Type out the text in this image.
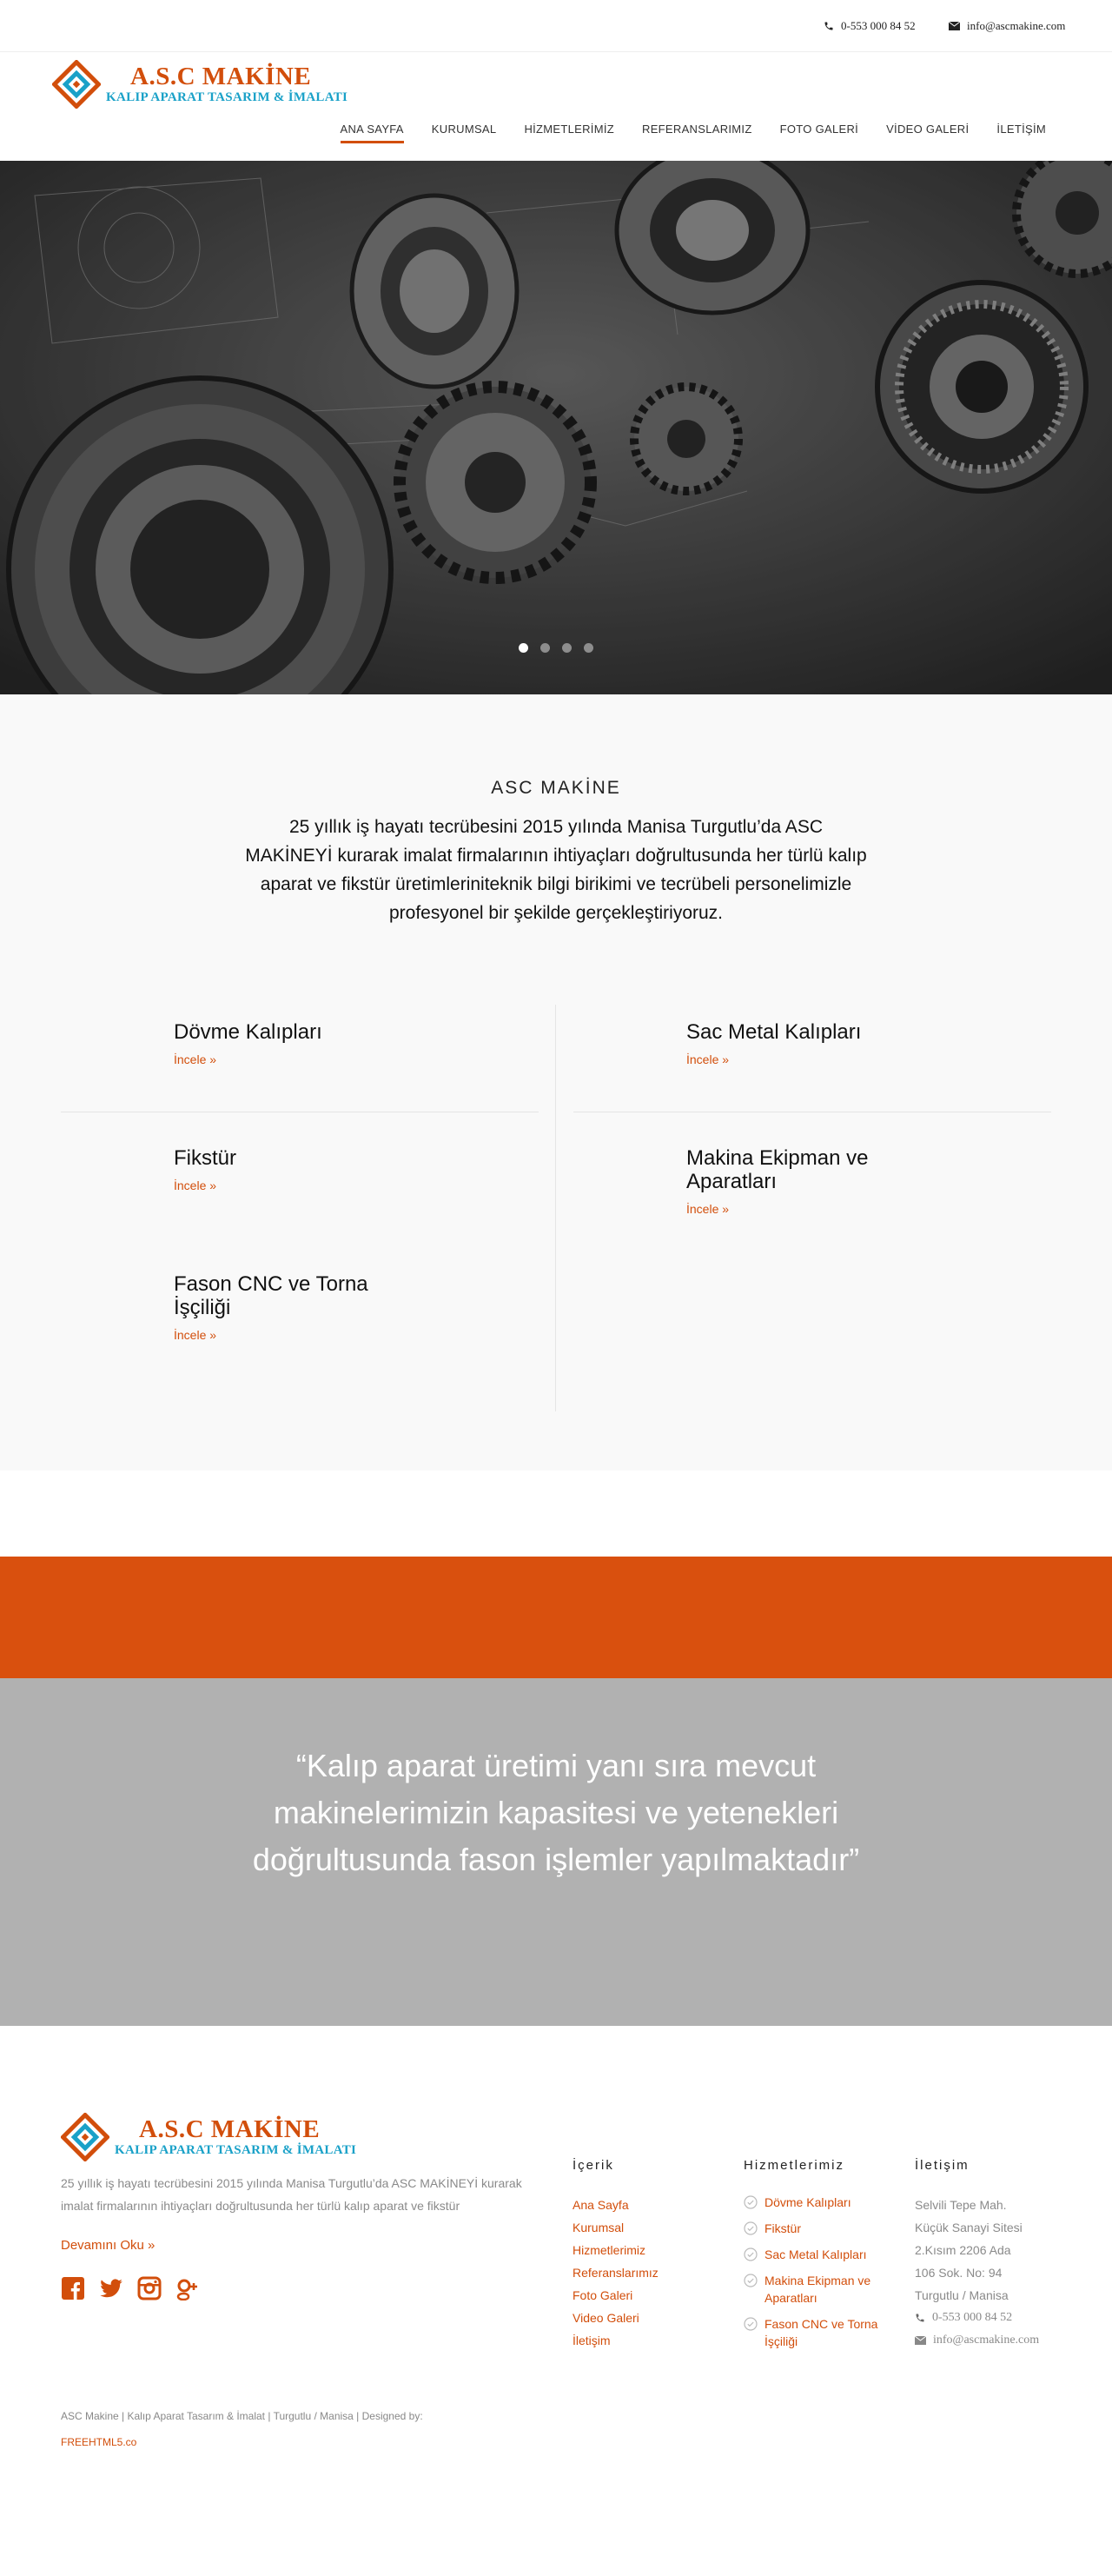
0-553 000 84 52	info@ascmakine.com
A.S.C MAKİNE
KALIP APARAT TASARIM & İMALATI
ANA SAYFA KURUMSAL HİZMETLERİMİZ REFERANSLARIMIZ FOTO GALERİ VİDEO GALERİ İLETİŞİM
ASC MAKİNE
25 yıllık iş hayatı tecrübesini 2015 yılında Manisa Turgutlu’da ASC MAKİNEYİ kurarak imalat firmalarının ihtiyaçları doğrultusunda her türlü kalıp aparat ve fikstür üretimleriniteknik bilgi birikimi ve tecrübeli personelimizle profesyonel bir şekilde gerçekleştiriyoruz.
Dövme Kalıpları
İncele »
Sac Metal Kalıpları
İncele »
Fikstür
İncele »
Makina Ekipman ve Aparatları
İncele »
Fason CNC ve Torna İşçiliği
İncele »

“Kalıp aparat üretimi yanı sıra mevcut makinelerimizin kapasitesi ve yetenekleri doğrultusunda fason işlemler yapılmaktadır”

A.S.C MAKİNE
KALIP APARAT TASARIM & İMALATI

25 yıllık iş hayatı tecrübesini 2015 yılında Manisa Turgutlu’da ASC MAKİNEYİ kurarak imalat firmalarının ihtiyaçları doğrultusunda her türlü kalıp aparat ve fikstür

Devamını Oku »
İçerik
Ana Sayfa
Kurumsal
Hizmetlerimiz
Referanslarımız
Foto Galeri
Video Galeri
İletişim
Hizmetlerimiz
Dövme Kalıpları
Fikstür
Sac Metal Kalıpları
Makina Ekipman ve Aparatları
Fason CNC ve Torna İşçiliği
İletişim

Selvili Tepe Mah.

Küçük Sanayi Sitesi

2.Kısım 2206 Ada

106 Sok. No: 94

Turgutlu / Manisa

0-553 000 84 52
info@ascmakine.com
ASC Makine | Kalıp Aparat Tasarım & İmalat | Turgutlu / Manisa | Designed by:
FREEHTML5.co
